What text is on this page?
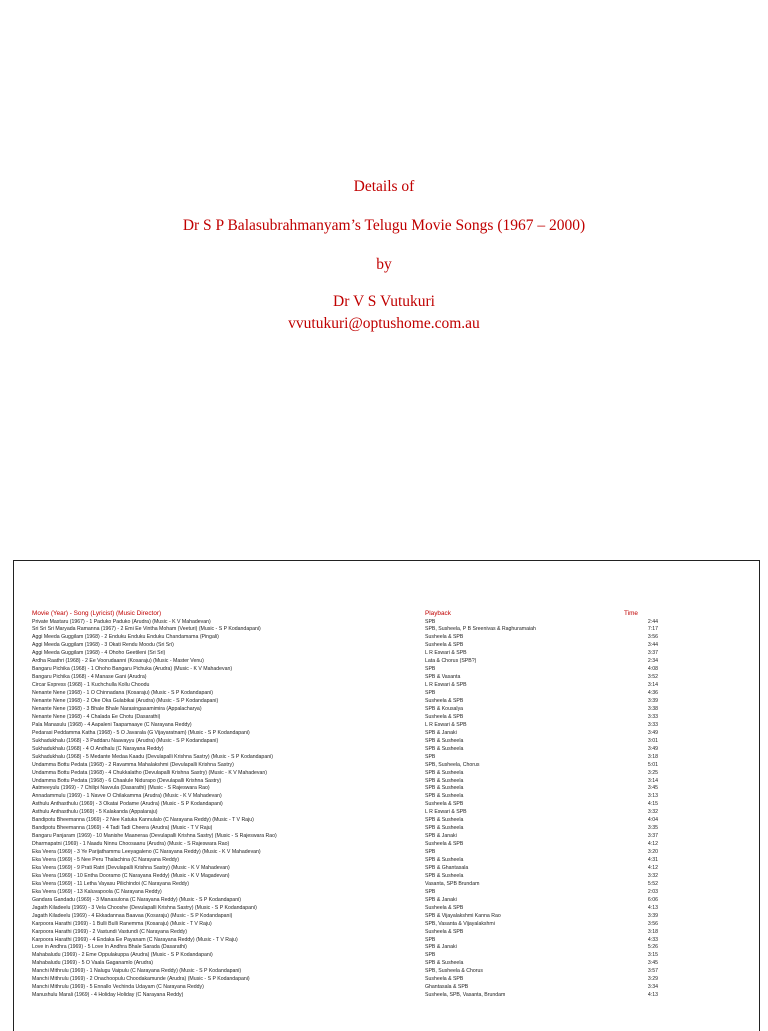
Details of
Dr S P Balasubrahmanyam’s Telugu Movie Songs (1967 – 2000)
by
Dr V S Vutukuri
vvutukuri@optushome.com.au
Movie (Year) - Song (Lyricist) (Music Director)	Playback	Time
Private Mastaru (1967) - 1 Paduko Paduko (Arudra) (Music - K V Mahadevan)	SPB	2:44
Sri Sri Sri Maryada Ramanna (1967) - 2 Emi Ee Vintha Moham (Veeturi) (Music - S P Kodandapani)	SPB, Susheela, P B Sreenivas & Raghuramaiah	7:17
Aggi Meeda Guggilam (1968) - 2 Enduku Enduku Enduku Chandamama (Pingali)	Susheela & SPB	3:56
Aggi Meeda Guggilam (1968) - 3 Okati Rendu Moodu (Sri Sri)	Susheela & SPB	3:44
Aggi Meeda Guggilam (1968) - 4 Ohoho Geetileni (Sri Sri)	L R Eswari & SPB	3:37
Ardha Raathri (1968) - 2 Ee Voorudaanni (Kosaraju) (Music - Master Venu)	Lata & Chorus (SPB?)	2:34
Bangaru Pichika (1968) - 1 Ohoho Bangaru Pichuka (Arudra) (Music - K V Mahadevan)	SPB	4:08
Bangaru Pichika (1968) - 4 Manase Gani (Arudra)	SPB & Vasanta	3:52
Circar Express (1968) - 1 Kuchchulla Kollu Choodu	L R Eswari & SPB	3:14
Nenante Nene (1968) - 1 O Chinnadana (Kosaraju) (Music - S P Kodandapani)	SPB	4:36
Nenante Nene (1968) - 2 Oke Oka Gulabikai (Arudra) (Music - S P Kodandapani)	Susheela & SPB	3:39
Nenante Nene (1968) - 3 Bhale Bhale Narasingasamimira (Appalacharya)	SPB & Kousalya	3:38
Nenante Nene (1968) - 4 Chalada Ee Chotu (Dasarathi)	Susheela & SPB	3:33
Pala Manasulu (1968) - 4 Aapaleni Taapamaaye (C Narayana Reddy)	L R Eswari & SPB	3:33
Pedarasi Peddamma Katha (1968) - 5 O Javarala (G Vijayaratnam) (Music - S P Kodandapani)	SPB & Janaki	3:49
Sukhadukhalu (1968) - 3 Paddaru Naavayyu (Arudra) (Music - S P Kodandapani)	SPB & Susheela	3:01
Sukhadukhalu (1968) - 4 O Andhalu (C Narayana Reddy)	SPB & Susheela	3:49
Sukhadukhalu (1968) - 5 Medante Medaa Kaadu (Devulapalli Krishna Sastry) (Music - S P Kodandapani)	SPB	3:18
Undamma Bottu Pedata (1968) - 2 Ravamma Mahalakshmi (Devulapalli Krishna Sastry)	SPB, Susheela, Chorus	5:01
Undamma Bottu Pedata (1968) - 4 Chukkalatho (Devulapalli Krishna Sastry) (Music - K V Mahadevan)	SPB & Susheela	3:25
Undamma Bottu Pedata (1968) - 6 Chaalule Nidurapo (Devulapalli Krishna Sastry)	SPB & Susheela	3:14
Aatmeeyulu (1969) - 7 Chilipi Navvula (Dasarathi) (Music - S Rajeswara Rao)	SPB & Susheela	3:45
Annadammulu (1969) - 1 Navve O Chilakamma (Arudra) (Music - K V Mahadevan)	SPB & Susheela	3:13
Asthulu Anthasthulu (1969) - 3 Okatai Podame (Arudra) (Music - S P Kodandapani)	Susheela & SPB	4:15
Asthulu Anthasthulu (1969) - 5 Kalakanda (Appalaraju)	L R Eswari & SPB	3:32
Bandipotu Bheemanna (1969) - 2 Nee Katuka Kannulalo (C Narayana Reddy) (Music - T V Raju)	SPB & Susheela	4:04
Bandipotu Bheemanna (1969) - 4 Tadi Tadi Cheera (Arudra) (Music - T V Raju)	SPB & Susheela	3:35
Bangaru Panjaram (1969) - 10 Manishe Maaneraa (Devulapalli Krishna Sastry) (Music - S Rajeswara Rao)	SPB & Janaki	3:37
Dharmapatni (1969) - 1 Naadu Ninnu Choosaanu (Arudra) (Music - S Rajeswara Rao)	Susheela & SPB	4:12
Eka Veera (1969) - 3 Ye Parijathammu Leeyagaleno (C Narayana Reddy) (Music - K V Mahadevan)	SPB	3:20
Eka Veera (1969) - 5 Nee Peru Thalachina (C Narayana Reddy)	SPB & Susheela	4:31
Eka Veera (1969) - 9 Prati Ratri (Devulapalli Krishna Sastry) (Music - K V Mahadevan)	SPB & Ghantasala	4:12
Eka Veera (1969) - 10 Entha Dooramo (C Narayana Reddy) (Music - K V Magadevan)	SPB & Susheela	3:32
Eka Veera (1969) - 11 Letha Vayasu Pilichindoi (C Narayana Reddy)	Vasanta, SPB Brundam	5:52
Eka Veera (1969) - 13 Kaluvapoola (C Narayana Reddy)	SPB	2:03
Gandara Gandadu (1969) - 3 Manasulona (C Narayana Reddy) (Music - S P Kodandapani)	SPB & Janaki	6:06
Jagath Kiladeelu (1969) - 3 Vela Chooshe (Devulapalli Krishna Sastry) (Music - S P Kodandapani)	Susheela & SPB	4:13
Jagath Kiladeelu (1969) - 4 Ekkadannaa Baavaa (Kosaraju) (Music - S P Kodandapani)	SPB & Vijayalakshmi Kanna Rao	3:39
Karpoora Harathi (1969) - 1 Bulli Bulli Ranemma (Kosaraju) (Music - T V Raju)	SPB, Vasanta & Vijayalakshmi	3:56
Karpoora Harathi (1969) - 2 Vastundi Vastundi (C Narayana Reddy)	Susheela & SPB	3:18
Karpoora Harathi (1969) - 4 Endaka Ee Payanam (C Narayana Reddy) (Music - T V Raju)	SPB	4:33
Love in Andhra (1969) - 5 Love In Andhra Bhale Sarada (Dasarathi)	SPB & Janaki	5:26
Mahabaludu (1969) - 2 Eme Oppulakuppa (Arudra) (Music - S P Kodandapani)	SPB	3:15
Mahabaludu (1969) - 5 O Vaala Gaganamlo (Arudra)	SPB & Susheela	3:45
Manchi Mithrulu (1969) - 1 Nalugu Vaipulu (C Narayana Reddy) (Music - S P Kodandapani)	SPB, Susheela & Chorus	3:57
Manchi Mithrulu (1969) - 2 Onachoopulu Choodakamunde (Arudra) (Music - S P Kodandapani)	Susheela & SPB	3:29
Manchi Mithrulu (1969) - 5 Ennallo Vechinda Udayam (C Narayana Reddy)	Ghantasala & SPB	3:34
Manushulu Marali (1969) - 4 Holiday Holiday (C Narayana Reddy)	Susheela, SPB, Vasanta, Brundam	4:13
